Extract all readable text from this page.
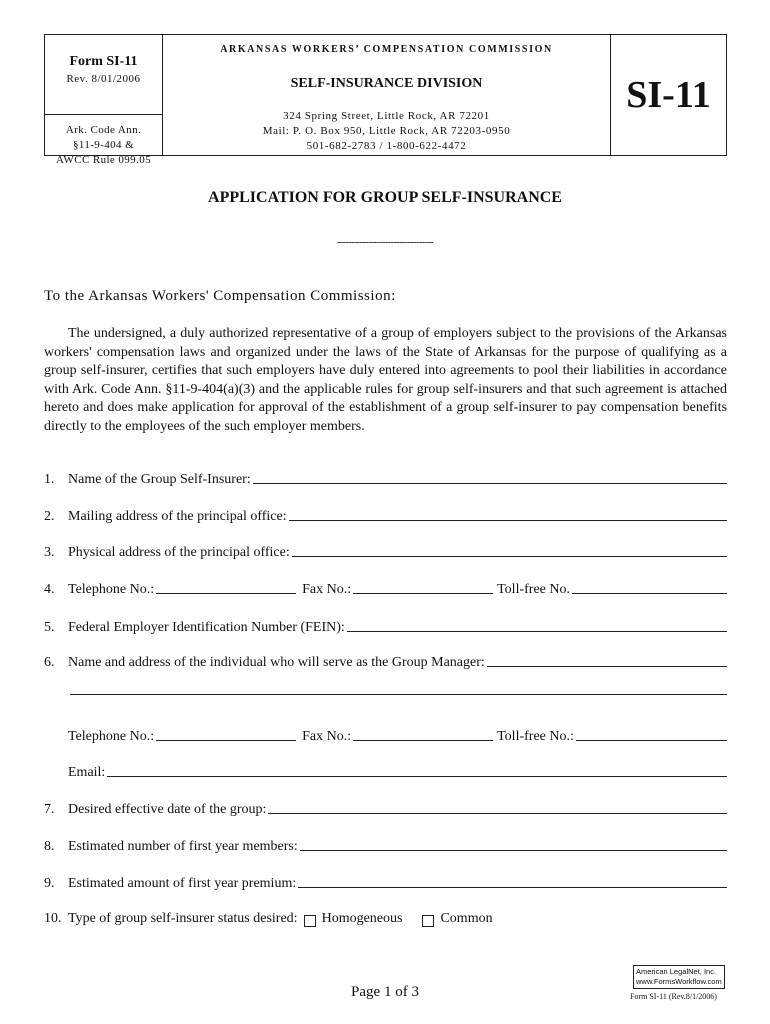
Form SI-11
Rev. 8/01/2006
Ark. Code Ann.
§11-9-404 &
AWCC Rule 099.05
ARKANSAS WORKERS’ COMPENSATION COMMISSION
SELF-INSURANCE DIVISION
324 Spring Street, Little Rock, AR 72201
Mail: P. O. Box 950, Little Rock, AR 72203-0950
501-682-2783 / 1-800-622-4472
SI-11
APPLICATION FOR GROUP SELF-INSURANCE
----------------------------------
To the Arkansas Workers' Compensation Commission:
The undersigned, a duly authorized representative of a group of employers subject to the provisions of the Arkansas workers' compensation laws and organized under the laws of the State of Arkansas for the purpose of qualifying as a group self-insurer, certifies that such employers have duly entered into agreements to pool their liabilities in accordance with Ark. Code Ann. §11-9-404(a)(3) and the applicable rules for group self-insurers and that such agreement is attached hereto and does make application for approval of the establishment of a group self-insurer to pay compensation benefits directly to the employees of the such employer members.
1. Name of the Group Self-Insurer:
2. Mailing address of the principal office:
3. Physical address of the principal office:
4. Telephone No.:	Fax No.:	Toll-free No.
5. Federal Employer Identification Number (FEIN):
6. Name and address of the individual who will serve as the Group Manager:
Telephone No.:	Fax No.:	Toll-free No.:
Email:
7. Desired effective date of the group:
8. Estimated number of first year members:
9. Estimated amount of first year premium:
10. Type of group self-insurer status desired: Homogeneous	Common
American LegalNet, Inc.
www.FormsWorkflow.com
Page 1 of 3	Form SI-11 (Rev.8/1/2006)
